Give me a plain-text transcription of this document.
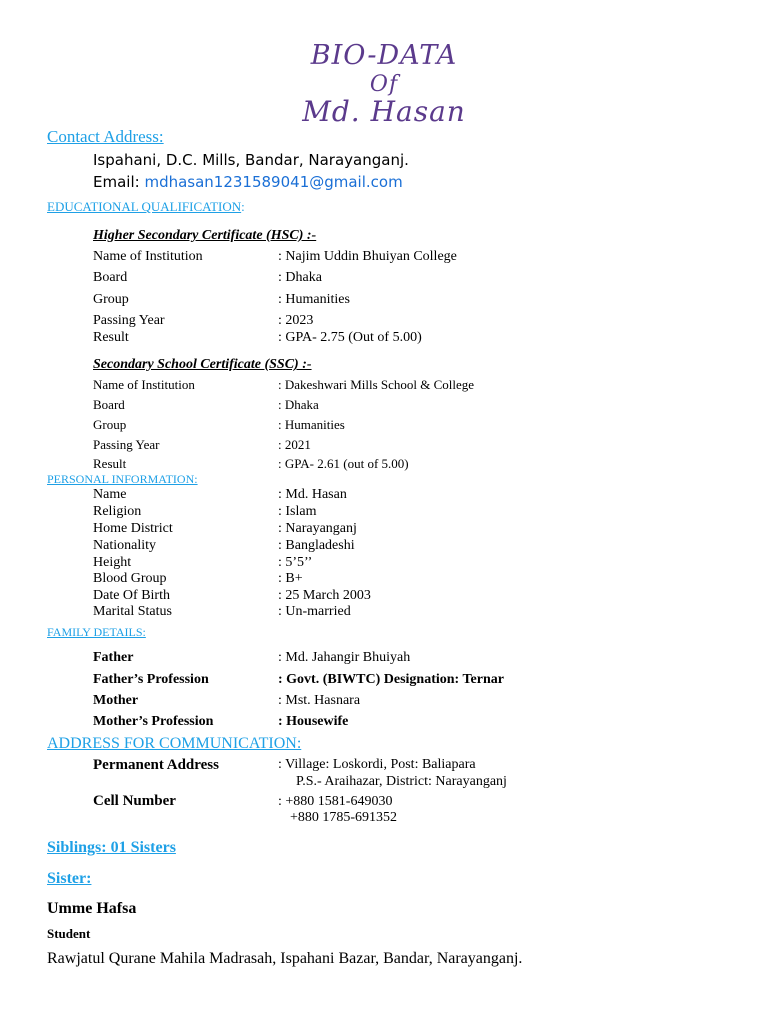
BIO-DATA
Of
Md. Hasan
Contact Address:
Ispahani, D.C. Mills, Bandar, Narayanganj.
Email: mdhasan1231589041@gmail.com
EDUCATIONAL QUALIFICATION:
Higher Secondary Certificate (HSC) :-
Name of Institution	: Najim Uddin Bhuiyan College
Board	: Dhaka
Group	: Humanities
Passing Year	: 2023
Result	: GPA- 2.75 (Out of 5.00)
Secondary School Certificate (SSC) :-
Name of Institution	: Dakeshwari Mills School & College
Board	: Dhaka
Group	: Humanities
Passing Year	: 2021
Result	: GPA- 2.61 (out of 5.00)
PERSONAL INFORMATION:
Name	: Md. Hasan
Religion	: Islam
Home District	: Narayanganj
Nationality	: Bangladeshi
Height	: 5’5’’
Blood Group	: B+
Date Of Birth	: 25 March 2003
Marital Status	: Un-married
FAMILY DETAILS:
Father	: Md. Jahangir Bhuiyah
Father’s Profession	: Govt. (BIWTC) Designation: Ternar
Mother	: Mst. Hasnara
Mother’s Profession	: Housewife
ADDRESS FOR COMMUNICATION:
Permanent Address	: Village: Loskordi, Post: Baliapara
P.S.- Araihazar, District: Narayanganj
Cell Number	: +880 1581-649030
+880 1785-691352
Siblings: 01 Sisters
Sister:
Umme Hafsa
Student
Rawjatul Qurane Mahila Madrasah, Ispahani Bazar, Bandar, Narayanganj.
